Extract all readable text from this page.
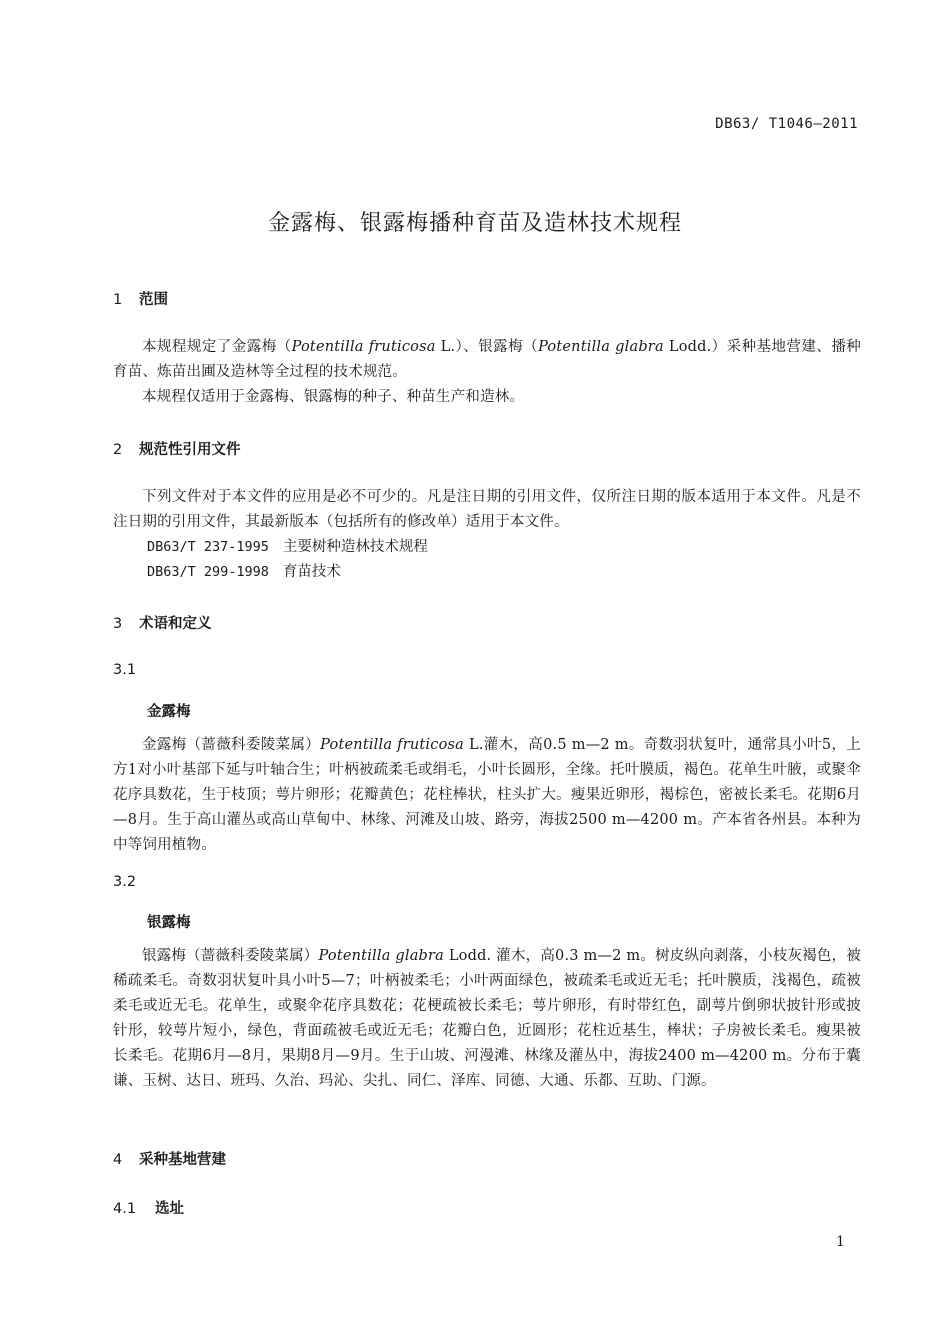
DB63/ T1046—2011
金露梅、银露梅播种育苗及造林技术规程
1 范围

本规程规定了金露梅（Potentilla fruticosa L.）、银露梅（Potentilla glabra Lodd.）采种基地营建、播种育苗、炼苗出圃及造林等全过程的技术规范。

本规程仅适用于金露梅、银露梅的种子、种苗生产和造林。

2 规范性引用文件

下列文件对于本文件的应用是必不可少的。凡是注日期的引用文件，仅所注日期的版本适用于本文件。凡是不注日期的引用文件，其最新版本（包括所有的修改单）适用于本文件。

DB63/T 237-1995 主要树种造林技术规程
DB63/T 299-1998 育苗技术
3 术语和定义
3.1
金露梅

金露梅（蔷薇科委陵菜属）Potentilla fruticosa L.灌木，高0.5 m—2 m。奇数羽状复叶，通常具小叶5，上方1对小叶基部下延与叶轴合生；叶柄被疏柔毛或绢毛，小叶长圆形，全缘。托叶膜质，褐色。花单生叶腋，或聚伞花序具数花，生于枝顶；萼片卵形；花瓣黄色；花柱棒状，柱头扩大。瘦果近卵形，褐棕色，密被长柔毛。花期6月—8月。生于高山灌丛或高山草甸中、林缘、河滩及山坡、路旁，海拔2500 m—4200 m。产本省各州县。本种为中等饲用植物。

3.2
银露梅

银露梅（蔷薇科委陵菜属）Potentilla glabra Lodd. 灌木，高0.3 m—2 m。树皮纵向剥落，小枝灰褐色，被稀疏柔毛。奇数羽状复叶具小叶5—7；叶柄被柔毛；小叶两面绿色，被疏柔毛或近无毛；托叶膜质，浅褐色，疏被柔毛或近无毛。花单生，或聚伞花序具数花；花梗疏被长柔毛；萼片卵形，有时带红色，副萼片倒卵状披针形或披针形，较萼片短小，绿色，背面疏被毛或近无毛；花瓣白色，近圆形；花柱近基生，棒状；子房被长柔毛。瘦果被长柔毛。花期6月—8月，果期8月—9月。生于山坡、河漫滩、林缘及灌丛中，海拔2400 m—4200 m。分布于囊谦、玉树、达日、班玛、久治、玛沁、尖扎、同仁、泽库、同德、大通、乐都、互助、门源。

4 采种基地营建
4.1 选址
1
